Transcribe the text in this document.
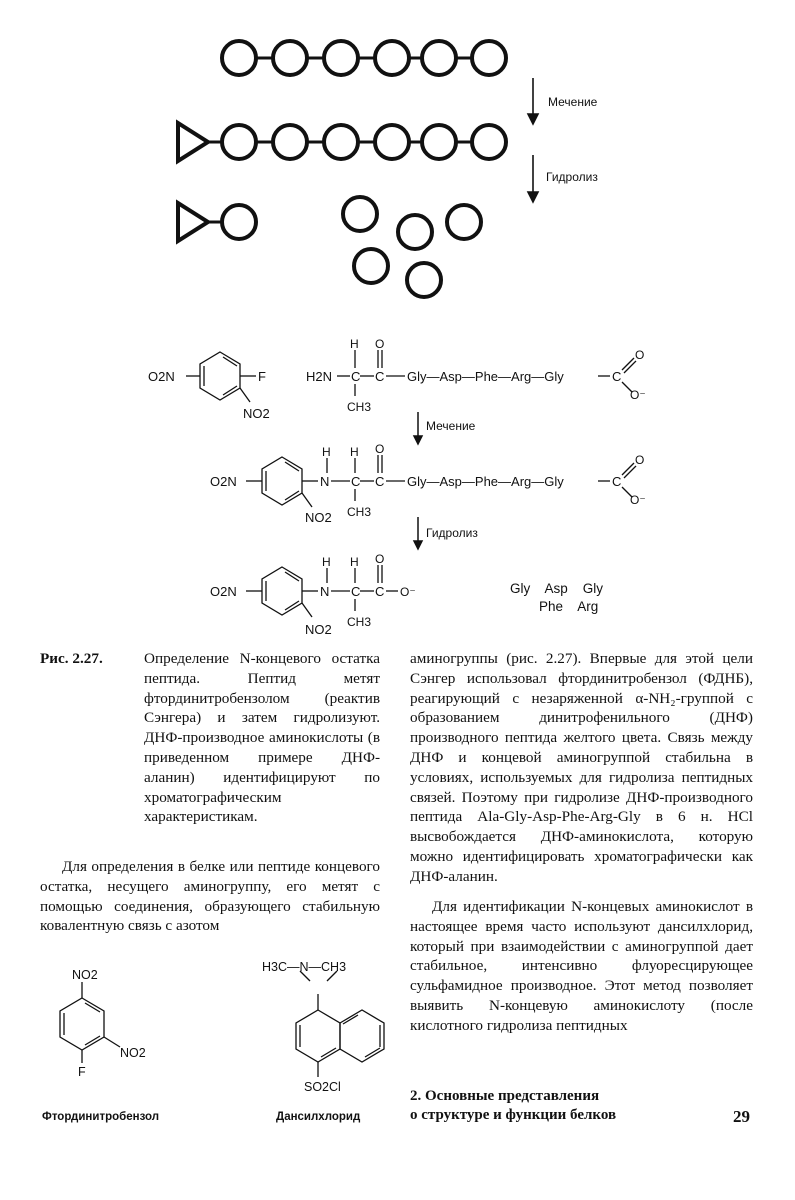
Мечение
Гидролиз
O2N	F
NO2
H2N
H
C
O
C
CH3
Gly—Asp—Phe—Arg—Gly	C
O
O⁻
Мечение
O2N
NO2
H
N
H
C
O
C
CH3
Gly—Asp—Phe—Arg—Gly	C
O
O⁻
Гидролиз
O2N
NO2
H
N
H
C
O
C O⁻
CH3
Gly    Asp    Gly
Phe    Arg
Рис. 2.27.	Определение N-концевого остатка пептида. Пептид метят фтординитробензолом (реактив Сэнгера) и затем гидролизуют. ДНФ-производное аминокислоты (в приведенном примере ДНФ-аланин) идентифицируют по хроматографическим характеристикам.
Для определения в белке или пептиде концевого остатка, несущего аминогруппу, его метят с помощью соединения, образующего стабильную ковалентную связь с азотом
аминогруппы (рис. 2.27). Впервые для этой цели Сэнгер использовал фтординитробензол (ФДНБ), реагирующий с незаряженной α-NH₂-группой с образованием динитрофенильного (ДНФ) производного пептида желтого цвета. Связь между ДНФ и концевой аминогруппой стабильна в условиях, используемых для гидролиза пептидных связей. Поэтому при гидролизе ДНФ-производного пептида Ala-Gly-Asp-Phe-Arg-Gly в 6 н. HCl высвобождается ДНФ-аминокислота, которую можно идентифицировать хроматографически как ДНФ-аланин.
Для идентификации N-концевых аминокислот в настоящее время часто используют дансилхлорид, который при взаимодействии с аминогруппой дает стабильное, интенсивно флуоресцирующее сульфамидное производное. Этот метод позволяет выявить N-концевую аминокислоту (после кислотного гидролиза пептидных
NO2
NO2
F
H3C—N—CH3
SO2Cl
Фтординитробензол	Дансилхлорид
2. Основные представления
о структуре и функции белков	29
